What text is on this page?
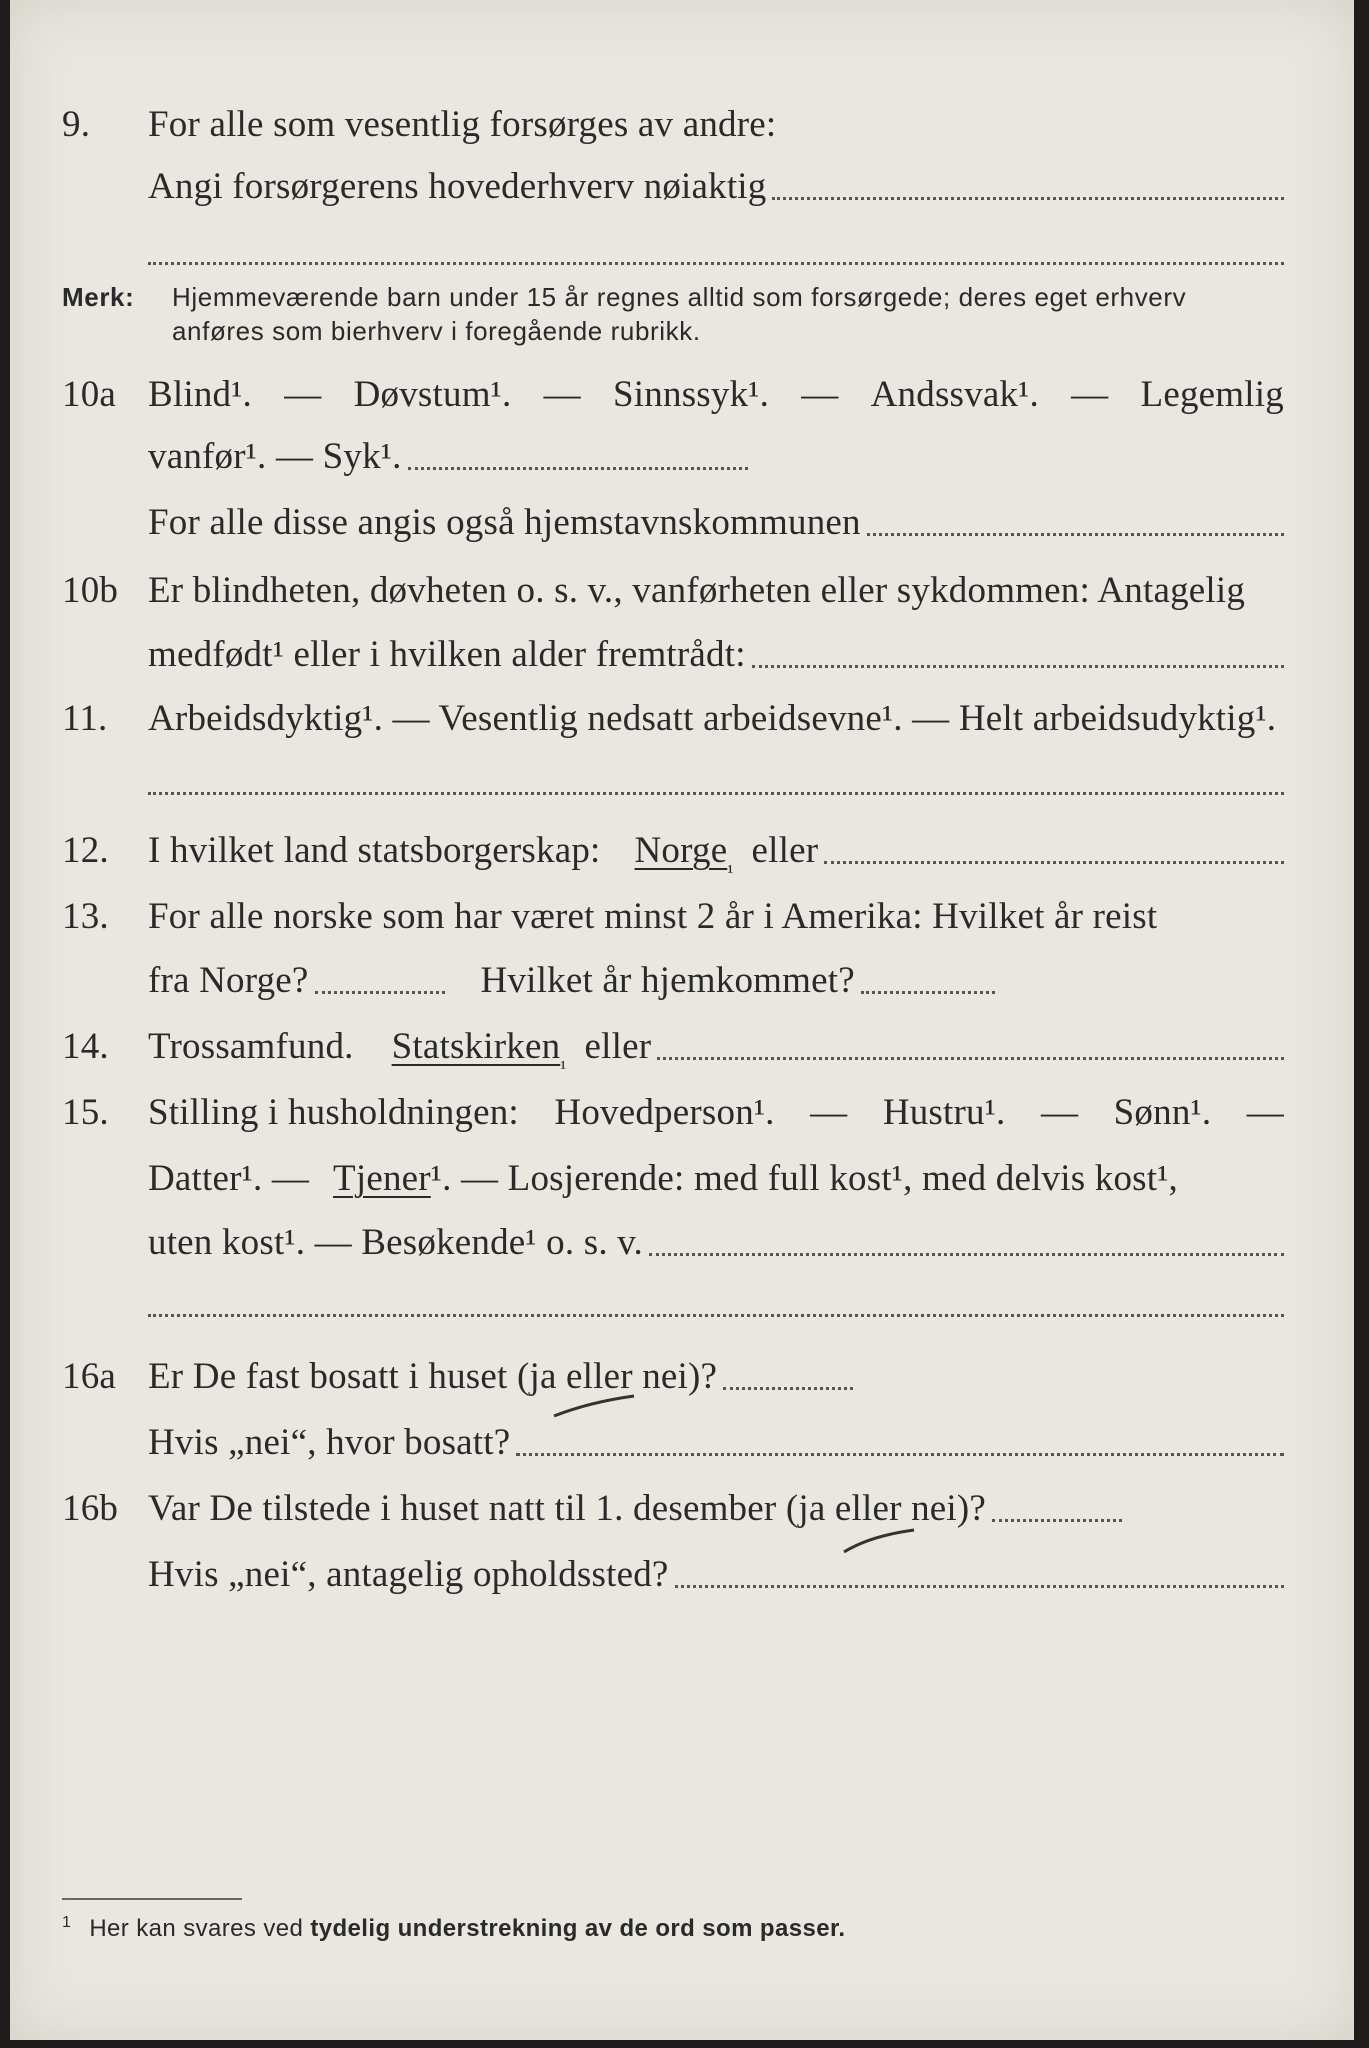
9.	For alle som vesentlig forsørges av andre:
Angi forsørgerens hovederhverv nøiaktig
Merk: Hjemmeværende barn under 15 år regnes alltid som forsørgede; deres eget erhverv
anføres som bierhverv i foregående rubrikk.
10a Blind¹. — Døvstum¹. — Sinnssyk¹. — Andssvak¹. — Legemlig
vanfør¹. — Syk¹.
For alle disse angis også hjemstavnskommunen
10b Er blindheten, døvheten o. s. v., vanførheten eller sykdommen: Antagelig
medfødt¹ eller i hvilken alder fremtrådt:
11.	Arbeidsdyktig¹. — Vesentlig nedsatt arbeidsevne¹. — Helt arbeidsudyktig¹.
12.	I hvilket land statsborgerskap: Norge
¹
eller
13.	For alle norske som har været minst 2 år i Amerika: Hvilket år reist
fra Norge?	Hvilket år hjemkommet?
14.	Trossamfund. Statskirken
¹
eller
15.	Stilling i husholdningen: Hovedperson¹. — Hustru¹. — Sønn¹. —
Datter¹. — Tjener ¹. — Losjerende: med full kost¹, med delvis kost¹,
uten kost¹. — Besøkende¹ o. s. v.
16a Er De fast bosatt i huset (ja eller nei)?
Hvis „nei“, hvor bosatt?
16b Var De tilstede i huset natt til 1. desember (ja eller nei)?
Hvis „nei“, antagelig opholdssted?
$^1$ Her kan svares ved tydelig understrekning av de ord som passer.
